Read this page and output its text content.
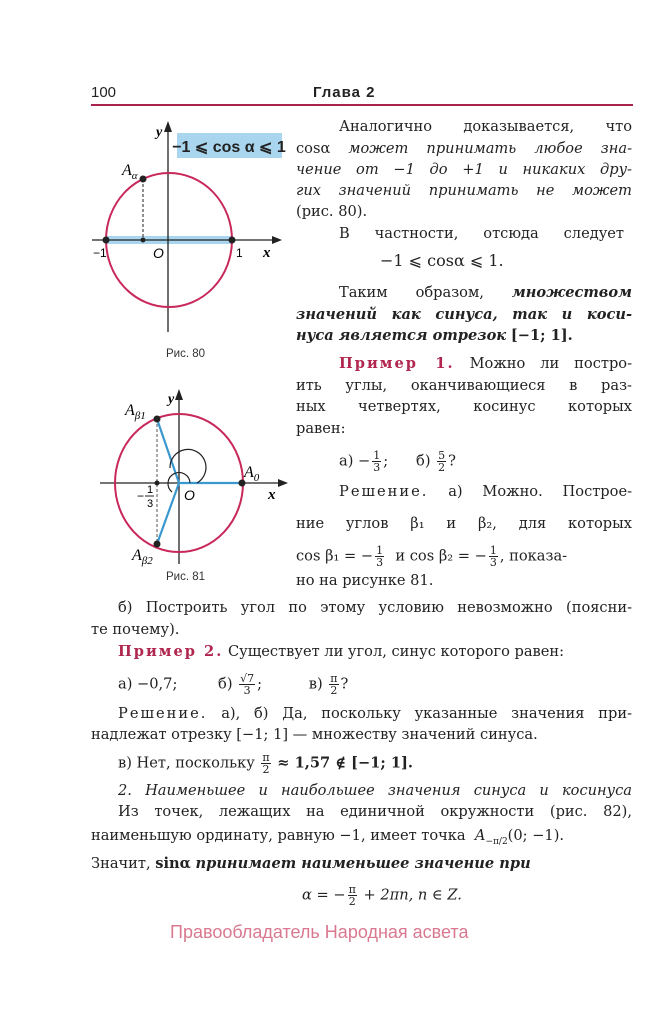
100	Глава 2
−1 ⩽ cos α ⩽ 1
$A_\alpha$
y
x
O
−1	1
Рис. 80
$A_{\beta 1}$
$A_{\beta 2}$
$A_0$
y
x
O
− 1
3
Рис. 81
Аналогично доказывается, что
cosα может принимать любое зна-
чение от −1 до +1 и никаких дру-
гих значений принимать не может
(рис. 80).
В частности, отсюда следует
−1 ⩽ cosα ⩽ 1.
Таким образом, множеством
значений как синуса, так и коси-
нуса является отрезок [−1; 1].
Пример 1. Можно ли постро-
ить углы, оканчивающиеся в раз-
ных четвертях, косинус которых
равен:
$а) - \frac{1}{3}$ ; $б) \frac{5}{2}$ ?
Решение. а) Можно. Построе-
ние углов β₁ и β₂, для которых
cos β₁ = − $\frac{1}{3}$ и cos β₂ = − $\frac{1}{3}$ , показа-
но на рисунке 81.
б) Построить угол по этому условию невозможно (поясни-
те почему).
Пример 2. Существует ли угол, синус которого равен:
а) −0,7;	$б) \frac{√7}{3}$ ;	$в) \frac{\pi}{2}$ ?
Решение. а), б) Да, поскольку указанные значения при-
надлежат отрезку [−1; 1] — множеству значений синуса.
в) Нет, поскольку $\frac{\pi}{2} \approx 1,57$ ∉ [−1; 1].
2. Наименьшее и наибольшее значения синуса и косинуса
Из точек, лежащих на единичной окружности (рис. 82),
наименьшую ординату, равную −1, имеет точка $A_{-\pi/2}(0$; −1).
Значит, sinα принимает наименьшее значение при
α = − $\frac{\pi}{2} + 2\pi n$, n ∈ Z.
Правообладатель Народная асвета
